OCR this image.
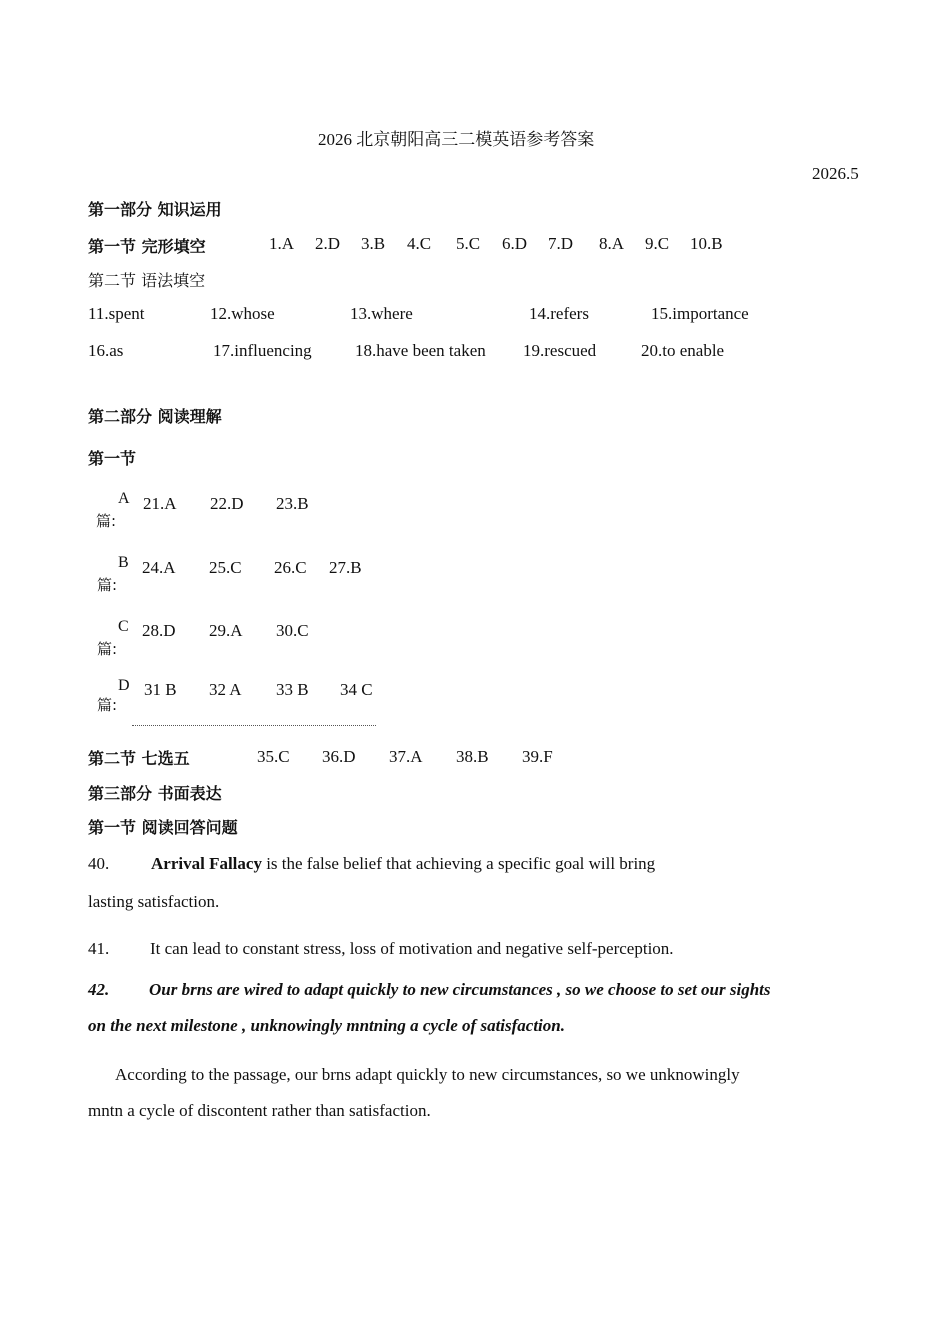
2026 北京朝阳高三二模英语参考答案
2026.5
第一部分 知识运用
第一节 完形填空	1.A 2.D 3.B 4.C 5.C 6.D 7.D 8.A 9.C 10.B
第二节 语法填空
11.spent	12.whose	13.where	14.refers	15.importance
16.as	17.influencing	18.have been taken 19.rescued	20.to enable
第二部分 阅读理解
第一节
A
篇:
21.A 22.D 23.B
B
篇:
24.A 25.C 26.C 27.B
C
篇:
28.D 29.A 30.C
D
篇:
31 B 32 A 33 B 34 C
第二节 七选五	35.C 36.D 37.A 38.B 39.F
第三部分 书面表达
第一节 阅读回答问题
40. Arrival Fallacy is the false belief that achieving a specific goal will bring
lasting satisfaction.
41. It can lead to constant stress, loss of motivation and negative self-perception.
42. Our brns are wired to adapt quickly to new circumstances , so we choose to set our sights
on the next milestone , unknowingly mntning a cycle of satisfaction.
According to the passage, our brns adapt quickly to new circumstances, so we unknowingly
mntn a cycle of discontent rather than satisfaction.
